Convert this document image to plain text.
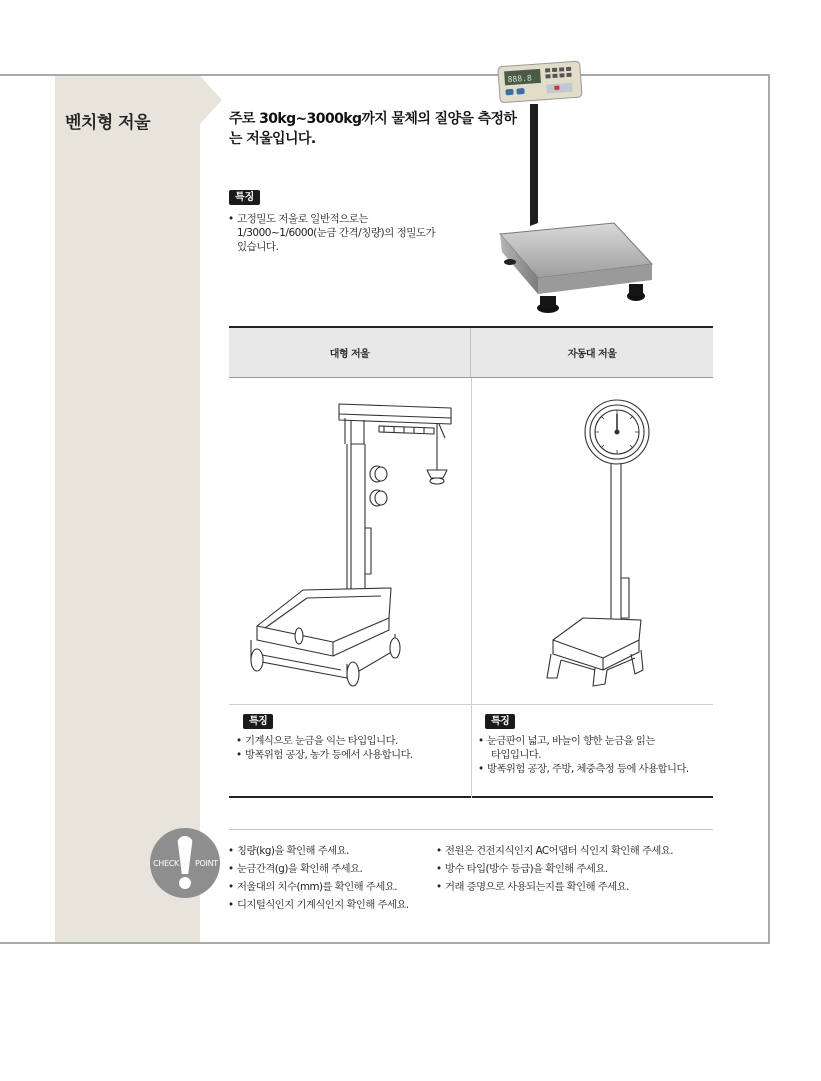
벤치형 저울	주로 30kg~3000kg까지 물체의 질양을 측정하는 저울입니다.
특징
• 고정밀도 저울로 일반적으로는
1/3000~1/6000(눈금 간격/칭량)의 정밀도가
있습니다.
888.8
대형 저울	자동대 저울
특징
• 기계식으로 눈금을 익는 타입입니다.
• 방폭위험 공장, 농가 등에서 사용합니다.
특징
• 눈금판이 넓고, 바늘이 향한 눈금을 읽는
타입입니다.
• 방폭위험 공장, 주방, 체중측정 등에 사용합니다.
CHECK POINT
• 칭량(kg)을 확인해 주세요.
• 눈금간격(g)을 확인해 주세요.
• 저울대의 치수(mm)를 확인해 주세요.
• 디지털식인지 기계식인지 확인해 주세요.
• 전원은 건전지식인지 AC어댑터 식인지 확인해 주세요.
• 방수 타입(방수 등급)을 확인해 주세요.
• 거래 증명으로 사용되는지를 확인해 주세요.
